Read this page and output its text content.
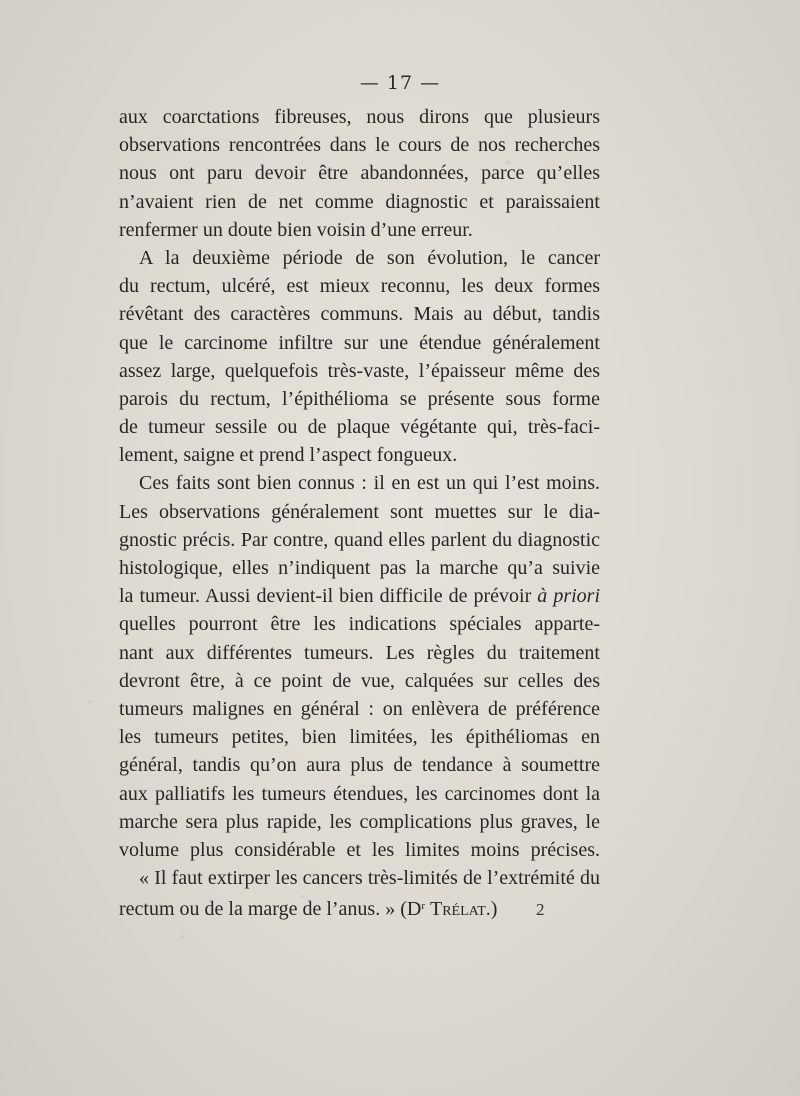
— 17 —
aux coarctations fibreuses, nous dirons que plusieurs
observations rencontrées dans le cours de nos recherches
nous ont paru devoir être abandonnées, parce qu’elles
n’avaient rien de net comme diagnostic et paraissaient
renfermer un doute bien voisin d’une erreur.
A la deuxième période de son évolution, le cancer
du rectum, ulcéré, est mieux reconnu, les deux formes
révêtant des caractères communs. Mais au début, tandis
que le carcinome infiltre sur une étendue généralement
assez large, quelquefois très-vaste, l’épaisseur même des
parois du rectum, l’épithélioma se présente sous forme
de tumeur sessile ou de plaque végétante qui, très-faci-
lement, saigne et prend l’aspect fongueux.
Ces faits sont bien connus : il en est un qui l’est moins.
Les observations généralement sont muettes sur le dia-
gnostic précis. Par contre, quand elles parlent du diagnostic
histologique, elles n’indiquent pas la marche qu’a suivie
la tumeur. Aussi devient-il bien difficile de prévoir à priori
quelles pourront être les indications spéciales apparte-
nant aux différentes tumeurs. Les règles du traitement
devront être, à ce point de vue, calquées sur celles des
tumeurs malignes en général : on enlèvera de préférence
les tumeurs petites, bien limitées, les épithéliomas en
général, tandis qu’on aura plus de tendance à soumettre
aux palliatifs les tumeurs étendues, les carcinomes dont la
marche sera plus rapide, les complications plus graves, le
volume plus considérable et les limites moins précises.
« Il faut extirper les cancers très-limités de l’extrémité du
rectum ou de la marge de l’anus. » ($D^r$ Trélat.)	2
